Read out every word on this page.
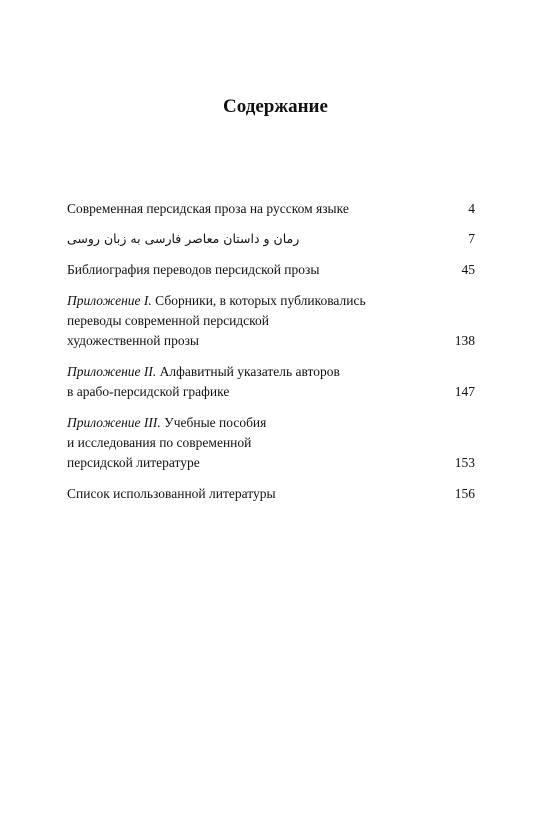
Содержание
Современная персидская проза на русском языке	4
رمان و داستان معاصر فارسی به زبان روسی	7
Библиография переводов персидской прозы	45
Приложение I. Сборники, в которых публиковались
переводы современной персидской
художественной прозы	138
Приложение II. Алфавитный указатель авторов
в арабо-персидской графике	147
Приложение III. Учебные пособия
и исследования по современной
персидской литературе	153
Список использованной литературы	156
